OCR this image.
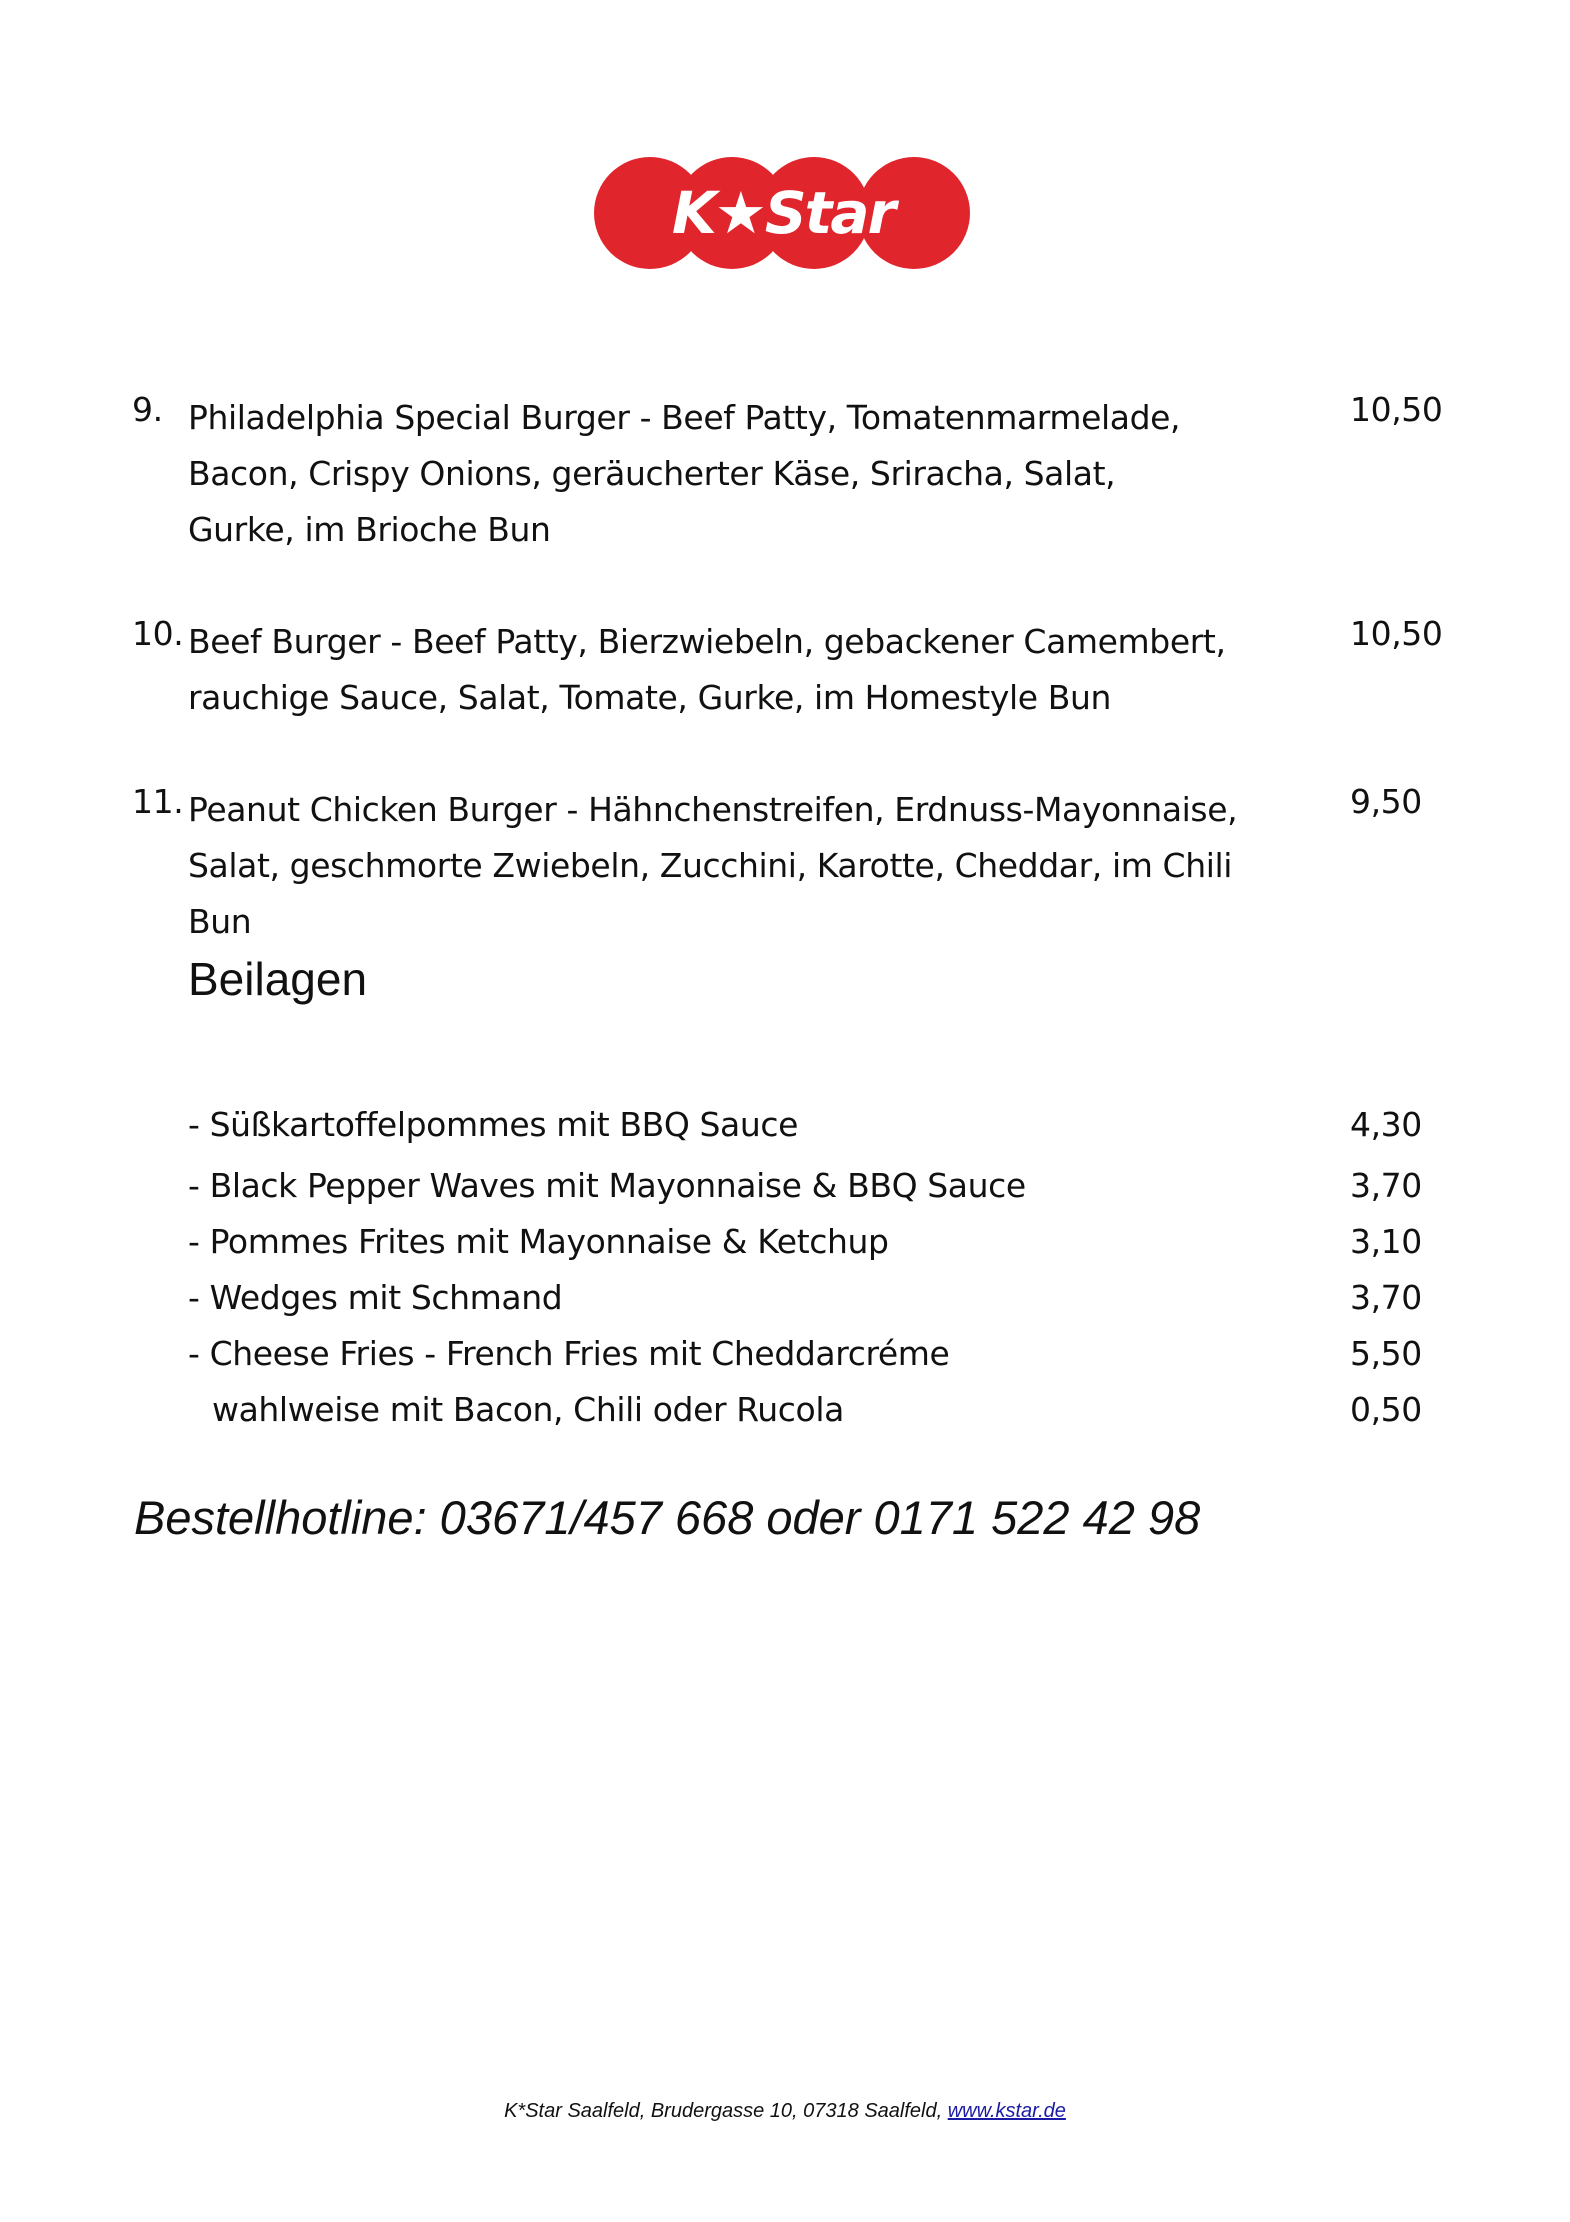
K★Star
9. Philadelphia Special Burger - Beef Patty, Tomatenmarmelade,
Bacon, Crispy Onions, geräucherter Käse, Sriracha, Salat,
Gurke, im Brioche Bun
10,50
10. Beef Burger - Beef Patty, Bierzwiebeln, gebackener Camembert,
rauchige Sauce, Salat, Tomate, Gurke, im Homestyle Bun
10,50
11. Peanut Chicken Burger - Hähnchenstreifen, Erdnuss-Mayonnaise,
Salat, geschmorte Zwiebeln, Zucchini, Karotte, Cheddar, im Chili Bun
9,50
Beilagen
- Süßkartoffelpommes mit BBQ Sauce	4,30
- Black Pepper Waves mit Mayonnaise & BBQ Sauce	3,70
- Pommes Frites mit Mayonnaise & Ketchup	3,10
- Wedges mit Schmand	3,70
- Cheese Fries - French Fries mit Cheddarcréme	5,50
wahlweise mit Bacon, Chili oder Rucola	0,50
Bestellhotline: 03671/457 668 oder 0171 522 42 98
K*Star Saalfeld, Brudergasse 10, 07318 Saalfeld, www.kstar.de
